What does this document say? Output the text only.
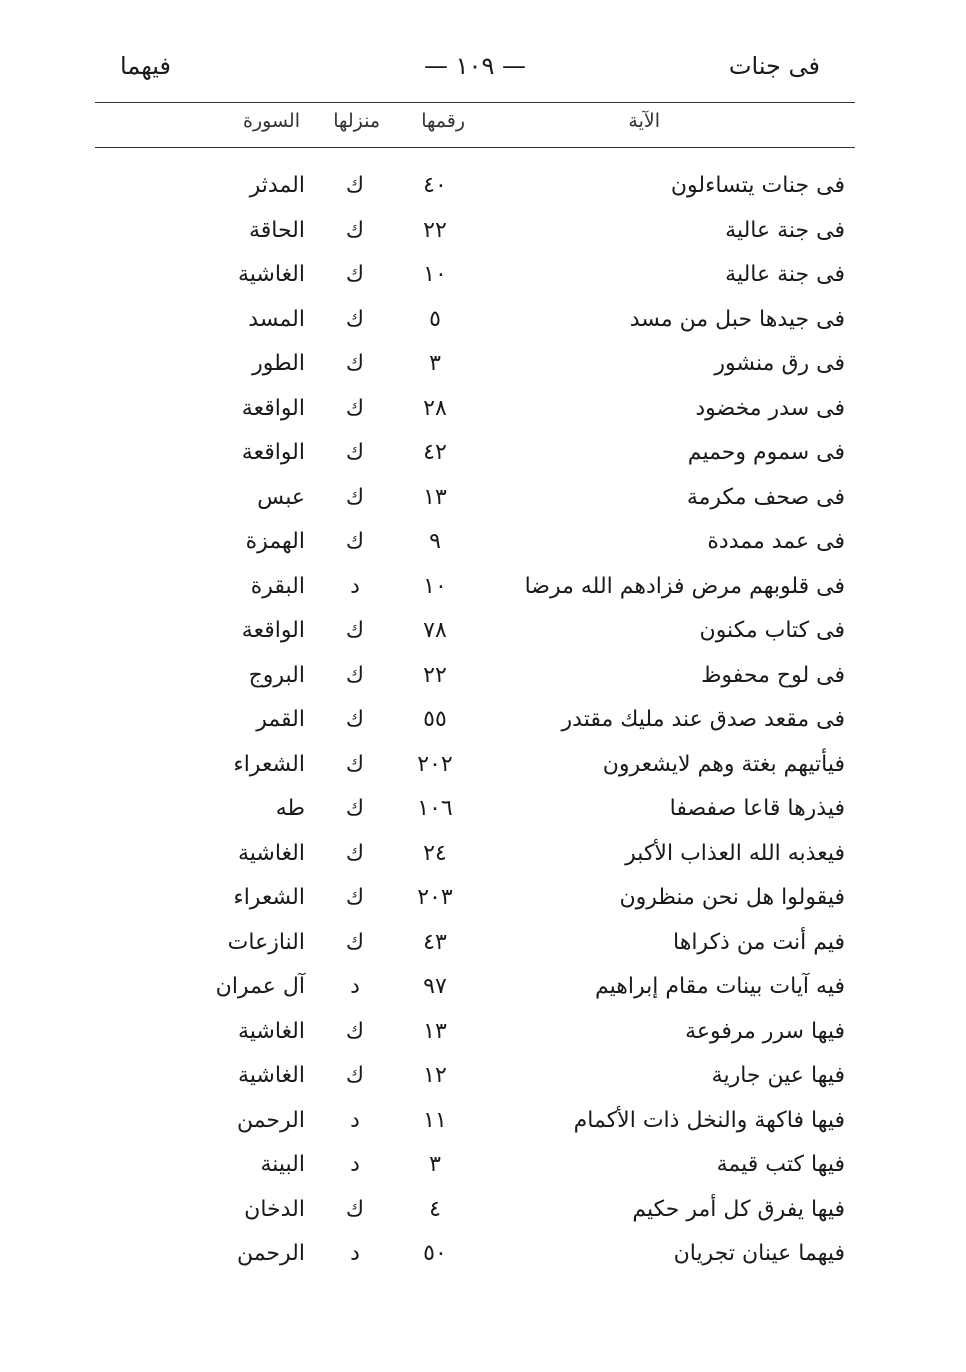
فى جنات
— ١٠٩ —
فيهما
الآية
رقمها
منزلها
السورة
فى جنات يتساءلون
٤٠
ك
المدثر
فى جنة عالية
٢٢
ك
الحاقة
فى جنة عالية
١٠
ك
الغاشية
فى جيدها حبل من مسد
٥
ك
المسد
فى رق منشور
٣
ك
الطور
فى سدر مخضود
٢٨
ك
الواقعة
فى سموم وحميم
٤٢
ك
الواقعة
فى صحف مكرمة
١٣
ك
عبس
فى عمد ممددة
٩
ك
الهمزة
فى قلوبهم مرض فزادهم الله مرضا
١٠
د
البقرة
فى كتاب مكنون
٧٨
ك
الواقعة
فى لوح محفوظ
٢٢
ك
البروج
فى مقعد صدق عند مليك مقتدر
٥٥
ك
القمر
فيأتيهم بغتة وهم لايشعرون
٢٠٢
ك
الشعراء
فيذرها قاعا صفصفا
١٠٦
ك
طه
فيعذبه الله العذاب الأكبر
٢٤
ك
الغاشية
فيقولوا هل نحن منظرون
٢٠٣
ك
الشعراء
فيم أنت من ذكراها
٤٣
ك
النازعات
فيه آيات بينات مقام إبراهيم
٩٧
د
آل عمران
فيها سرر مرفوعة
١٣
ك
الغاشية
فيها عين جارية
١٢
ك
الغاشية
فيها فاكهة والنخل ذات الأكمام
١١
د
الرحمن
فيها كتب قيمة
٣
د
البينة
فيها يفرق كل أمر حكيم
٤
ك
الدخان
فيهما عينان تجريان
٥٠
د
الرحمن
